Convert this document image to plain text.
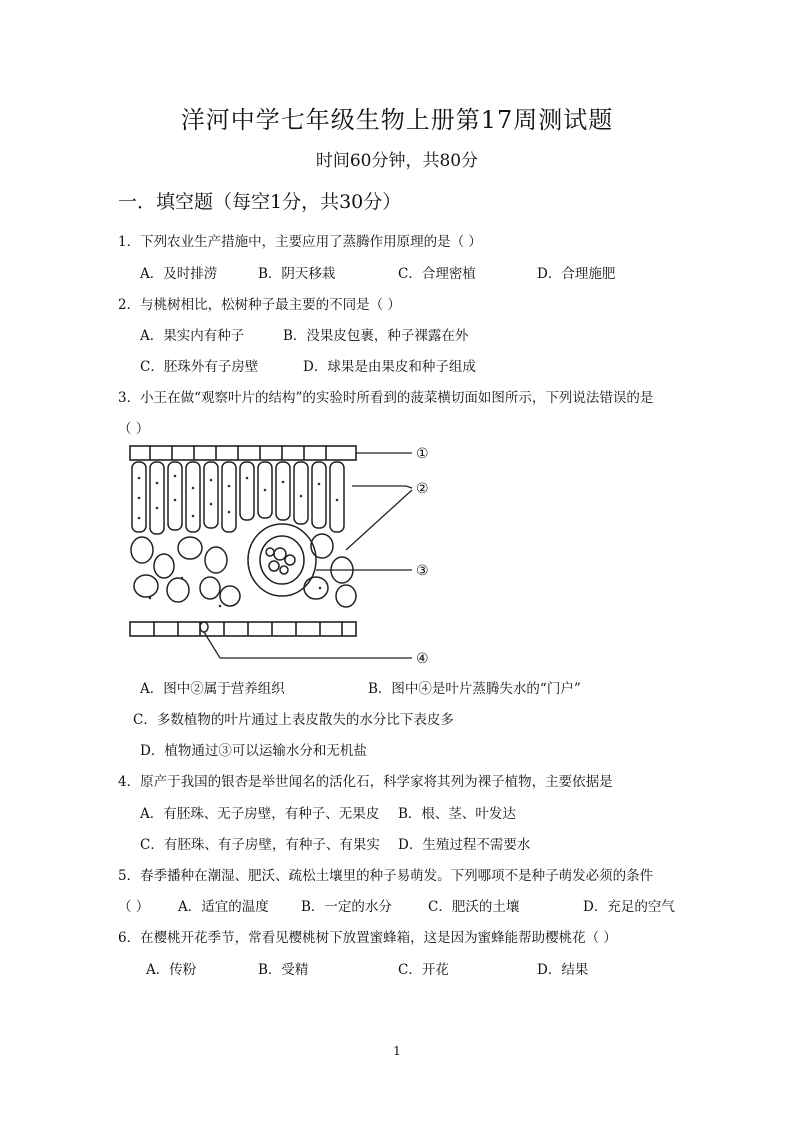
洋河中学七年级生物上册第17周测试题
时间60分钟，共80分
一．填空题（每空1分，共30分）
1．下列农业生产措施中，主要应用了蒸腾作用原理的是（ ）
A．及时排涝	B．阴天移栽	C．合理密植	D．合理施肥
2．与桃树相比，松树种子最主要的不同是（ ）
A．果实内有种子	B．没果皮包裹，种子裸露在外
C．胚珠外有子房壁	D．球果是由果皮和种子组成
3．小王在做“观察叶片的结构”的实验时所看到的菠菜横切面如图所示，下列说法错误的是
（ ）
①
②
③
④
A．图中②属于营养组织	B．图中④是叶片蒸腾失水的“门户”
C．多数植物的叶片通过上表皮散失的水分比下表皮多
D．植物通过③可以运输水分和无机盐
4．原产于我国的银杏是举世闻名的活化石，科学家将其列为裸子植物，主要依据是
A．有胚珠、无子房壁，有种子、无果皮 B．根、茎、叶发达
C．有胚珠、有子房壁，有种子、有果实 D．生殖过程不需要水
5．春季播种在潮湿、肥沃、疏松土壤里的种子易萌发。下列哪项不是种子萌发必须的条件
（ ） A．适宜的温度 B．一定的水分	C．肥沃的土壤	D．充足的空气
6．在樱桃开花季节，常看见樱桃树下放置蜜蜂箱，这是因为蜜蜂能帮助樱桃花（ ）
A．传粉	B．受精	C．开花	D．结果
1
